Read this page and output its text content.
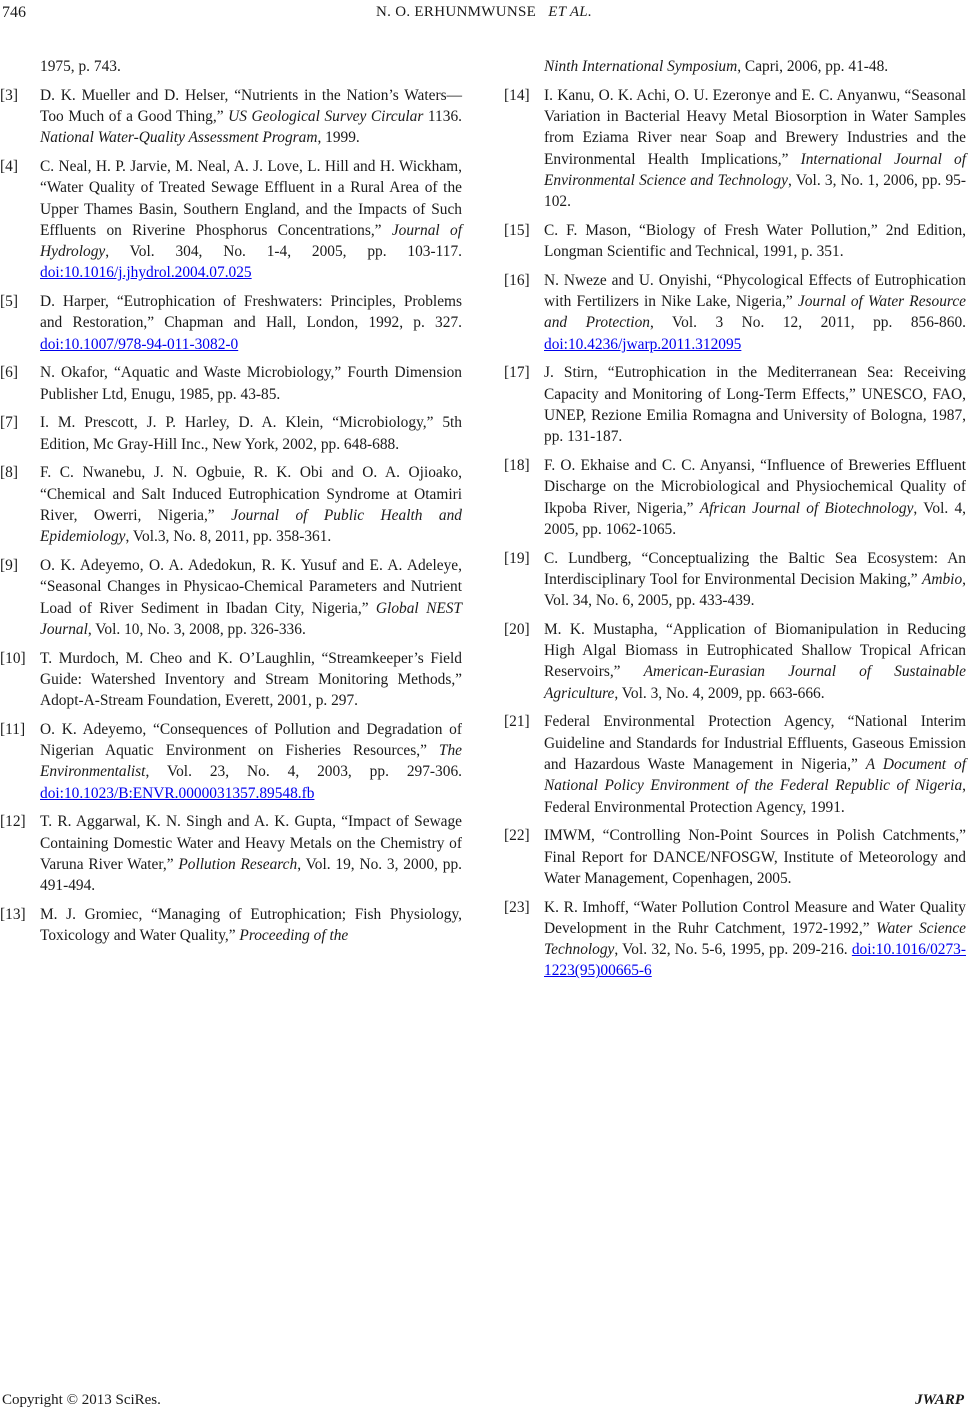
746	N. O. ERHUNMWUNSE ET AL.
1975, p. 743.
[3] D. K. Mueller and D. Helser, “Nutrients in the Nation’s Waters—Too Much of a Good Thing,” US Geological Survey Circular 1136. National Water-Quality Assessment Program, 1999.
[4] C. Neal, H. P. Jarvie, M. Neal, A. J. Love, L. Hill and H. Wickham, “Water Quality of Treated Sewage Effluent in a Rural Area of the Upper Thames Basin, Southern England, and the Impacts of Such Effluents on Riverine Phosphorus Concentrations,” Journal of Hydrology, Vol. 304, No. 1-4, 2005, pp. 103-117. doi:10.1016/j.jhydrol.2004.07.025
[5] D. Harper, “Eutrophication of Freshwaters: Principles, Problems and Restoration,” Chapman and Hall, London, 1992, p. 327. doi:10.1007/978-94-011-3082-0
[6] N. Okafor, “Aquatic and Waste Microbiology,” Fourth Dimension Publisher Ltd, Enugu, 1985, pp. 43-85.
[7] I. M. Prescott, J. P. Harley, D. A. Klein, “Microbiology,” 5th Edition, Mc Gray-Hill Inc., New York, 2002, pp. 648-688.
[8] F. C. Nwanebu, J. N. Ogbuie, R. K. Obi and O. A. Ojioako, “Chemical and Salt Induced Eutrophication Syndrome at Otamiri River, Owerri, Nigeria,” Journal of Public Health and Epidemiology, Vol.3, No. 8, 2011, pp. 358-361.
[9] O. K. Adeyemo, O. A. Adedokun, R. K. Yusuf and E. A. Adeleye, “Seasonal Changes in Physicao-Chemical Parameters and Nutrient Load of River Sediment in Ibadan City, Nigeria,” Global NEST Journal, Vol. 10, No. 3, 2008, pp. 326-336.
[10] T. Murdoch, M. Cheo and K. O’Laughlin, “Streamkeeper’s Field Guide: Watershed Inventory and Stream Monitoring Methods,” Adopt-A-Stream Foundation, Everett, 2001, p. 297.
[11] O. K. Adeyemo, “Consequences of Pollution and Degradation of Nigerian Aquatic Environment on Fisheries Resources,” The Environmentalist, Vol. 23, No. 4, 2003, pp. 297-306. doi:10.1023/B:ENVR.0000031357.89548.fb
[12] T. R. Aggarwal, K. N. Singh and A. K. Gupta, “Impact of Sewage Containing Domestic Water and Heavy Metals on the Chemistry of Varuna River Water,” Pollution Research, Vol. 19, No. 3, 2000, pp. 491-494.
[13] M. J. Gromiec, “Managing of Eutrophication; Fish Physiology, Toxicology and Water Quality,” Proceeding of the
Ninth International Symposium, Capri, 2006, pp. 41-48.
[14] I. Kanu, O. K. Achi, O. U. Ezeronye and E. C. Anyanwu, “Seasonal Variation in Bacterial Heavy Metal Biosorption in Water Samples from Eziama River near Soap and Brewery Industries and the Environmental Health Implications,” International Journal of Environmental Science and Technology, Vol. 3, No. 1, 2006, pp. 95-102.
[15] C. F. Mason, “Biology of Fresh Water Pollution,” 2nd Edition, Longman Scientific and Technical, 1991, p. 351.
[16] N. Nweze and U. Onyishi, “Phycological Effects of Eutrophication with Fertilizers in Nike Lake, Nigeria,” Journal of Water Resource and Protection, Vol. 3 No. 12, 2011, pp. 856-860. doi:10.4236/jwarp.2011.312095
[17] J. Stirn, “Eutrophication in the Mediterranean Sea: Receiving Capacity and Monitoring of Long-Term Effects,” UNESCO, FAO, UNEP, Rezione Emilia Romagna and University of Bologna, 1987, pp. 131-187.
[18] F. O. Ekhaise and C. C. Anyansi, “Influence of Breweries Effluent Discharge on the Microbiological and Physiochemical Quality of Ikpoba River, Nigeria,” African Journal of Biotechnology, Vol. 4, 2005, pp. 1062-1065.
[19] C. Lundberg, “Conceptualizing the Baltic Sea Ecosystem: An Interdisciplinary Tool for Environmental Decision Making,” Ambio, Vol. 34, No. 6, 2005, pp. 433-439.
[20] M. K. Mustapha, “Application of Biomanipulation in Reducing High Algal Biomass in Eutrophicated Shallow Tropical African Reservoirs,” American-Eurasian Journal of Sustainable Agriculture, Vol. 3, No. 4, 2009, pp. 663-666.
[21] Federal Environmental Protection Agency, “National Interim Guideline and Standards for Industrial Effluents, Gaseous Emission and Hazardous Waste Management in Nigeria,” A Document of National Policy Environment of the Federal Republic of Nigeria, Federal Environmental Protection Agency, 1991.
[22] IMWM, “Controlling Non-Point Sources in Polish Catchments,” Final Report for DANCE/NFOSGW, Institute of Meteorology and Water Management, Copenhagen, 2005.
[23] K. R. Imhoff, “Water Pollution Control Measure and Water Quality Development in the Ruhr Catchment, 1972-1992,” Water Science Technology, Vol. 32, No. 5-6, 1995, pp. 209-216. doi:10.1016/0273-1223(95)00665-6
Copyright © 2013 SciRes.	JWARP
